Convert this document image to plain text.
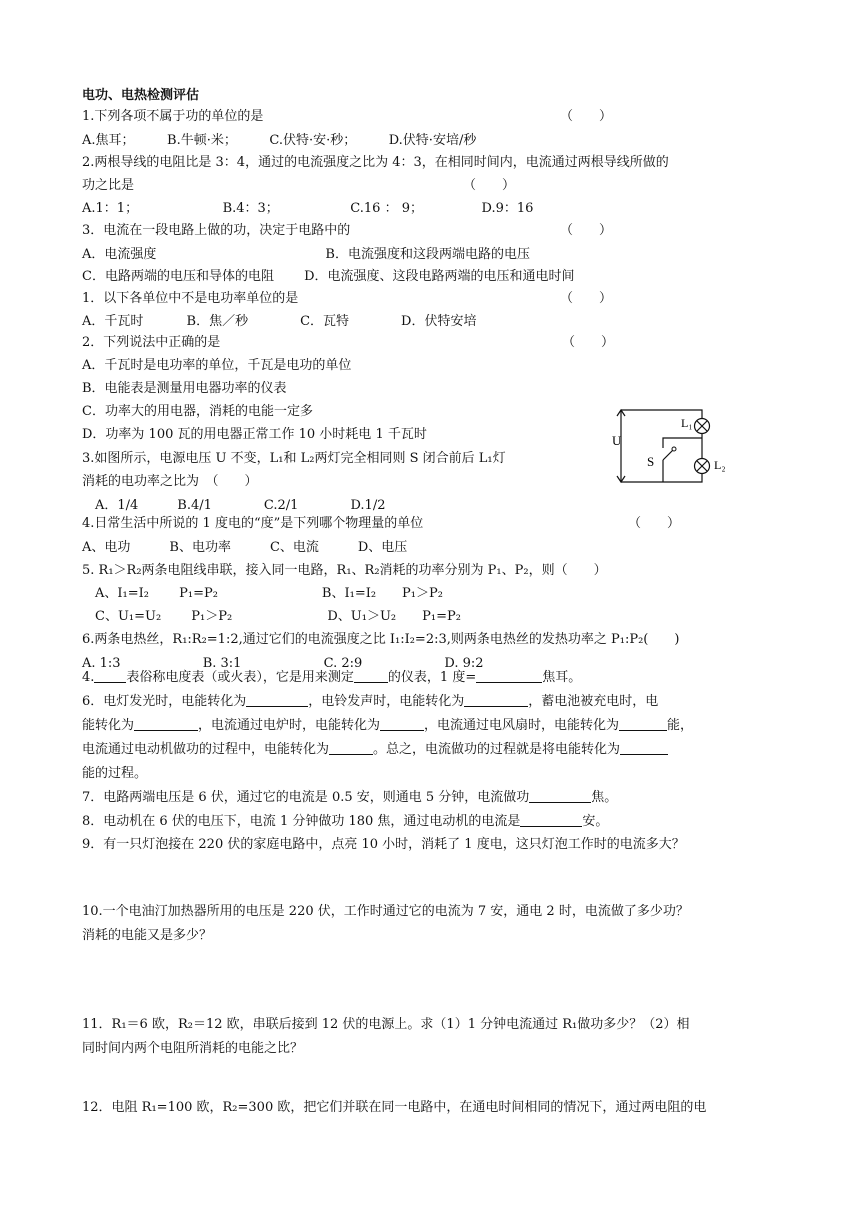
电功、电热检测评估
1.下列各项不属于功的单位的是	（　　）
A.焦耳；　　　B.牛顿·米；　　　C.伏特·安·秒；　　　D.伏特·安培/秒
2.两根导线的电阻比是 3：4，通过的电流强度之比为 4：3，在相同时间内，电流通过两根导线所做的
功之比是	（　　）
A.1：1；　　　　　　　B.4：3；　　　　　　C.16 ： 9；　　　　　D.9：16
3．电流在一段电路上做的功，决定于电路中的	（　　）
A．电流强度　　　　　　　　　　　　　B．电流强度和这段两端电路的电压
C．电路两端的电压和导体的电阻　　 D．电流强度、这段电路两端的电压和通电时间
1．以下各单位中不是电功率单位的是	（　　）
A．千瓦时　　　 B．焦／秒　　　　C．瓦特　　　　D．伏特安培
2．下列说法中正确的是	（　　）
A．千瓦时是电功率的单位，千瓦是电功的单位
B．电能表是测量用电器功率的仪表
C．功率大的用电器，消耗的电能一定多
D．功率为 100 瓦的用电器正常工作 10 小时耗电 1 千瓦时
3.如图所示，电源电压 U 不变，L₁和 L₂两灯完全相同则 S 闭合前后 L₁灯
消耗的电功率之比为　（　　）
　A．1/4　　　B.4/1　　　　C.2/1　　　　D.1/2
4.日常生活中所说的 1 度电的“度”是下列哪个物理量的单位	（　　）
A、电功　　　B、电功率　　　C、电流　　　D、电压
5. R₁＞R₂两条电阻线串联，接入同一电路，R₁、R₂消耗的功率分别为 P₁、P₂，则（　　）
　A、I₁=I₂　　 P₁=P₂　　　　　　　　B、I₁=I₂　　P₁＞P₂
　C、U₁=U₂　　 P₁＞P₂　　　　　　　 D、U₁＞U₂　　P₁=P₂
6.两条电热丝，R₁:R₂=1:2,通过它们的电流强度之比 I₁:I₂=2:3,则两条电热丝的发热功率之 P₁:P₂(　　)
A. 1:3　　　　　　 B. 3:1　　　　　　 C. 2:9　　　　　　 D. 9:2
4. 表俗称电度表（或火表），它是用来测定	的仪表，1 度=	焦耳。
6．电灯发光时，电能转化为	，电铃发声时，电能转化为	，蓄电池被充电时，电
能转化为	，电流通过电炉时，电能转化为	，电流通过电风扇时，电能转化为	能，
电流通过电动机做功的过程中，电能转化为	。总之，电流做功的过程就是将电能转化为
能的过程。
7．电路两端电压是 6 伏，通过它的电流是 0.5 安，则通电 5 分钟，电流做功	焦。
8．电动机在 6 伏的电压下，电流 1 分钟做功 180 焦，通过电动机的电流是	安。
9．有一只灯泡接在 220 伏的家庭电路中，点亮 10 小时，消耗了 1 度电，这只灯泡工作时的电流多大？
10.一个电油汀加热器所用的电压是 220 伏，工作时通过它的电流为 7 安，通电 2 时，电流做了多少功？
消耗的电能又是多少？
11．R₁＝6 欧，R₂＝12 欧，串联后接到 12 伏的电源上。求（1）1 分钟电流通过 R₁做功多少？（2）相
同时间内两个电阻所消耗的电能之比？
12．电阻 R₁=100 欧，R₂=300 欧，把它们并联在同一电路中，在通电时间相同的情况下，通过两电阻的电
U
S
L₁
L₂
